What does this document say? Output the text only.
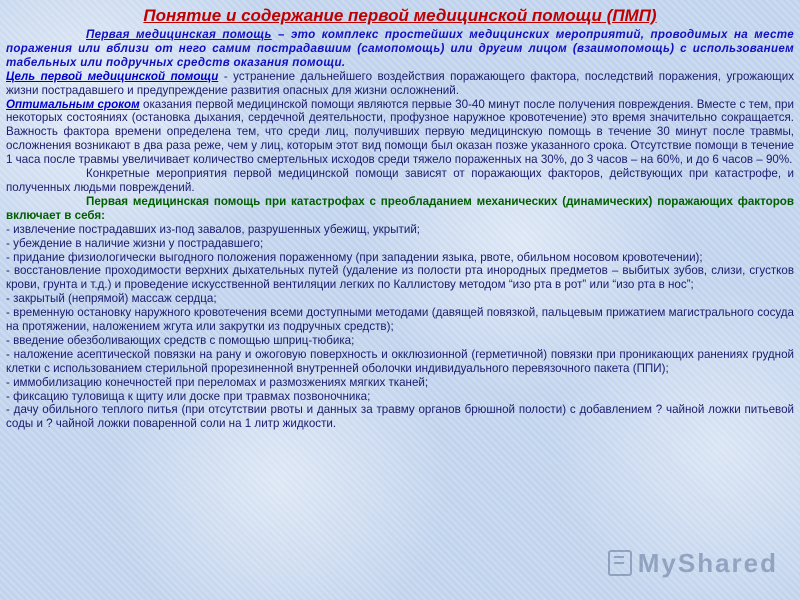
Понятие и содержание первой медицинской помощи (ПМП)

Первая медицинская помощь – это комплекс простейших медицинских мероприятий, проводимых на месте поражения или вблизи от него самим пострадавшим (самопомощь) или другим лицом (взаимопомощь) с использованием табельных или подручных средств оказания помощи.

Цель первой медицинской помощи - устранение дальнейшего воздействия поражающего фактора, последствий поражения, угрожающих жизни пострадавшего и предупреждение развития опасных для жизни осложнений.

Оптимальным сроком оказания первой медицинской помощи являются первые 30-40 минут после получения повреждения. Вместе с тем, при некоторых состояниях (остановка дыхания, сердечной деятельности, профузное наружное кровотечение) это время значительно сокращается. Важность фактора времени определена тем, что среди лиц, получивших первую медицинскую помощь в течение 30 минут после травмы, осложнения возникают в два раза реже, чем у лиц, которым этот вид помощи был оказан позже указанного срока. Отсутствие помощи в течение 1 часа после травмы увеличивает количество смертельных исходов среди тяжело пораженных на 30%, до 3 часов – на 60%, и до 6 часов – 90%.

Конкретные мероприятия первой медицинской помощи зависят от поражающих факторов, действующих при катастрофе, и полученных людьми повреждений.

Первая медицинская помощь при катастрофах с преобладанием механических (динамических) поражающих факторов включает в себя:

- извлечение пострадавших из-под завалов, разрушенных убежищ, укрытий;

- убеждение в наличие жизни у пострадавшего;

- придание физиологически выгодного положения пораженному (при западении языка, рвоте, обильном носовом кровотечении);

- восстановление проходимости верхних дыхательных путей (удаление из полости рта инородных предметов – выбитых зубов, слизи, сгустков крови, грунта и т.д.) и проведение искусственной вентиляции легких по Каллистову методом “изо рта в рот” или “изо рта в нос”;

- закрытый (непрямой) массаж сердца;

- временную остановку наружного кровотечения всеми доступными методами (давящей повязкой, пальцевым прижатием магистрального сосуда на протяжении, наложением жгута или закрутки из подручных средств);

- введение обезболивающих средств с помощью шприц-тюбика;

- наложение асептической повязки на рану и ожоговую поверхность и окклюзионной (герметичной) повязки при проникающих ранениях грудной клетки с использованием стерильной прорезиненной внутренней оболочки индивидуального перевязочного пакета (ППИ);

- иммобилизацию конечностей при переломах и размозжениях мягких тканей;

- фиксацию туловища к щиту или доске при травмах позвоночника;

- дачу обильного теплого питья (при отсутствии рвоты и данных за травму органов брюшной полости) с добавлением ? чайной ложки питьевой соды и ? чайной ложки поваренной соли на 1 литр жидкости.

MyShared
